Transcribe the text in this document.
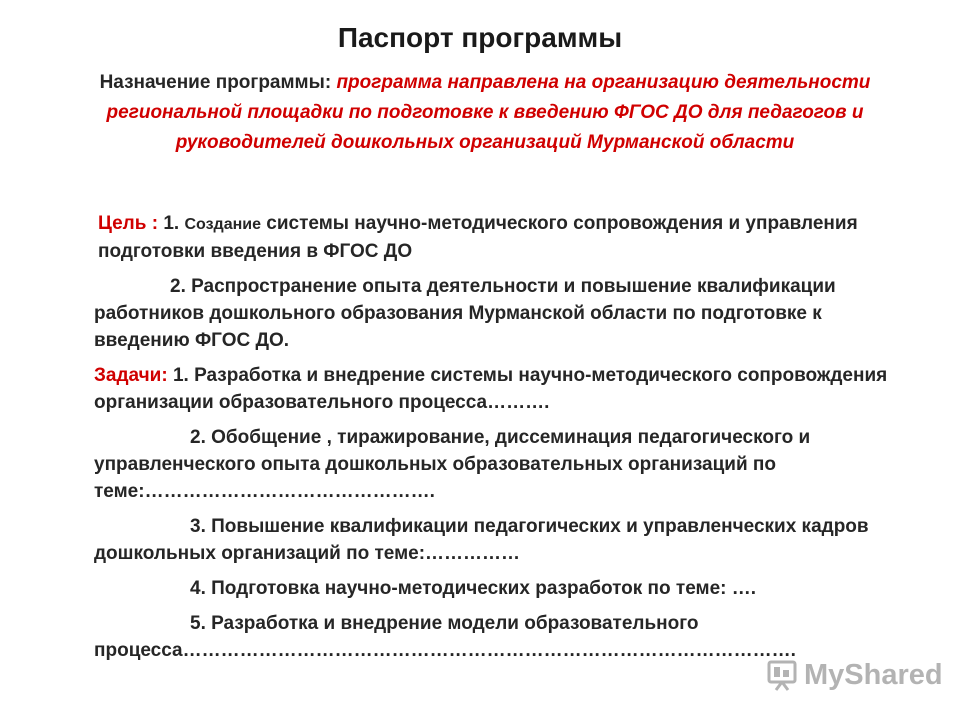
Паспорт программы
Назначение программы: программа направлена на организацию деятельности региональной площадки по подготовке к введению ФГОС ДО для педагогов и руководителей дошкольных организаций Мурманской области
Цель : 1. Создание системы научно-методического сопровождения и управления подготовки введения в ФГОС ДО
2. Распространение опыта деятельности и повышение квалификации работников дошкольного образования Мурманской области по подготовке к введению ФГОС ДО.
Задачи: 1. Разработка и внедрение системы научно-методического сопровождения организации образовательного процесса……….
2. Обобщение , тиражирование, диссеминация педагогического и управленческого опыта дошкольных образовательных организаций по теме:……………………………………….
3. Повышение квалификации педагогических и управленческих кадров дошкольных организаций по теме:……………
4. Подготовка научно-методических разработок по теме: ….
5. Разработка и внедрение модели образовательного процесса…………………………………………………………………………………….
MyShared
